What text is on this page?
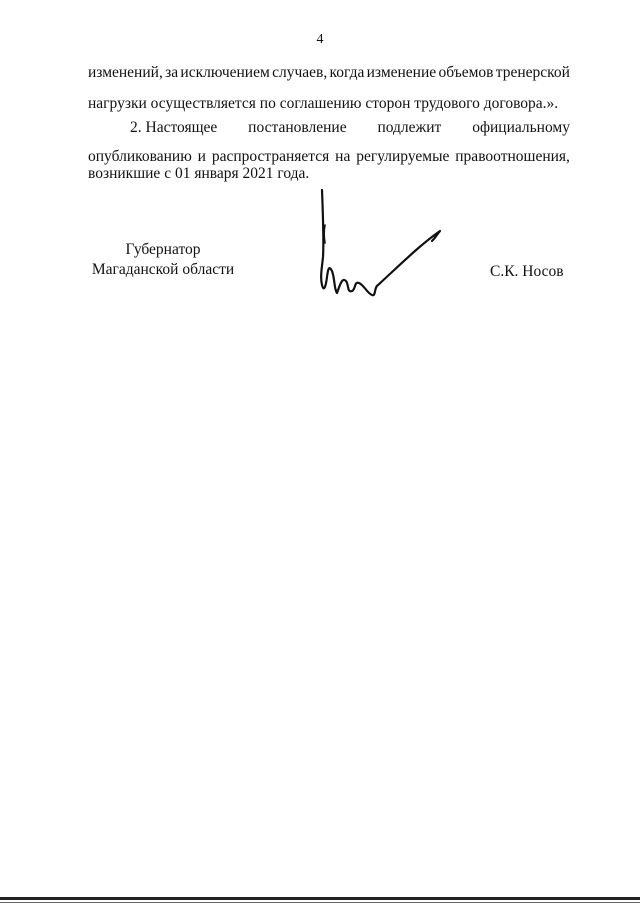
4
изменений, за исключением случаев, когда изменение объемов тренерской
нагрузки осуществляется по соглашению сторон трудового договора.».
2. Настоящее постановление подлежит официальному
опубликованию и распространяется на регулируемые правоотношения,
возникшие с 01 января 2021 года.
Губернатор
Магаданской области	С.К. Носов
